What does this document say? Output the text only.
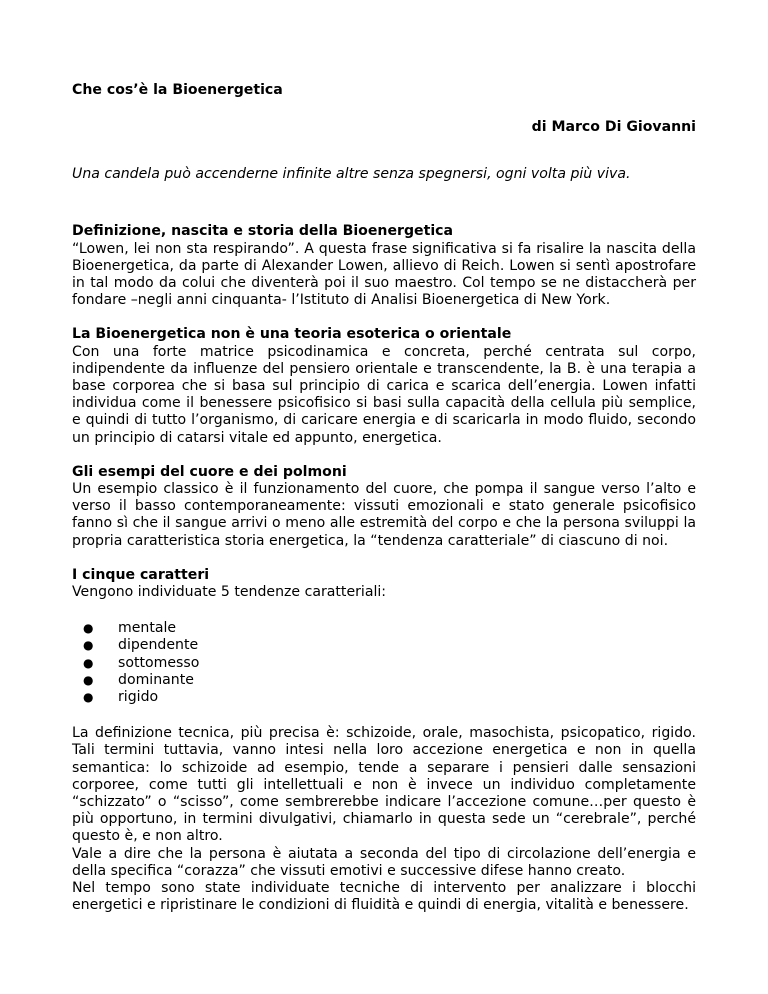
Che cos’è la Bioenergetica

di Marco Di Giovanni

Una candela può accenderne infinite altre senza spegnersi, ogni volta più viva.

Definizione, nascita e storia della Bioenergetica

“Lowen, lei non sta respirando”. A questa frase significativa si fa risalire la nascita della Bioenergetica, da parte di Alexander Lowen, allievo di Reich. Lowen si sentì apostrofare in tal modo da colui che diventerà poi il suo maestro. Col tempo se ne distaccherà per fondare –negli anni cinquanta- l’Istituto di Analisi Bioenergetica di New York.

La Bioenergetica non è una teoria esoterica o orientale

Con una forte matrice psicodinamica e concreta, perché centrata sul corpo, indipendente da influenze del pensiero orientale e transcendente, la B. è una terapia a base corporea che si basa sul principio di carica e scarica dell’energia. Lowen infatti individua come il benessere psicofisico si basi sulla capacità della cellula più semplice, e quindi di tutto l’organismo, di caricare energia e di scaricarla in modo fluido, secondo un principio di catarsi vitale ed appunto, energetica.

Gli esempi del cuore e dei polmoni

Un esempio classico è il funzionamento del cuore, che pompa il sangue verso l’alto e verso il basso contemporaneamente: vissuti emozionali e stato generale psicofisico fanno sì che il sangue arrivi o meno alle estremità del corpo e che la persona sviluppi la propria caratteristica storia energetica, la “tendenza caratteriale” di ciascuno di noi.

I cinque caratteri

Vengono individuate 5 tendenze caratteriali:

● mentale
● dipendente
● sottomesso
● dominante
● rigido

La definizione tecnica, più precisa è: schizoide, orale, masochista, psicopatico, rigido. Tali termini tuttavia, vanno intesi nella loro accezione energetica e non in quella semantica: lo schizoide ad esempio, tende a separare i pensieri dalle sensazioni corporee, come tutti gli intellettuali e non è invece un individuo completamente “schizzato” o “scisso”, come sembrerebbe indicare l’accezione comune…per questo è più opportuno, in termini divulgativi, chiamarlo in questa sede un “cerebrale”, perché questo è, e non altro.

Vale a dire che la persona è aiutata a seconda del tipo di circolazione dell’energia e della specifica “corazza” che vissuti emotivi e successive difese hanno creato.

Nel tempo sono state individuate tecniche di intervento per analizzare i blocchi energetici e ripristinare le condizioni di fluidità e quindi di energia, vitalità e benessere.
